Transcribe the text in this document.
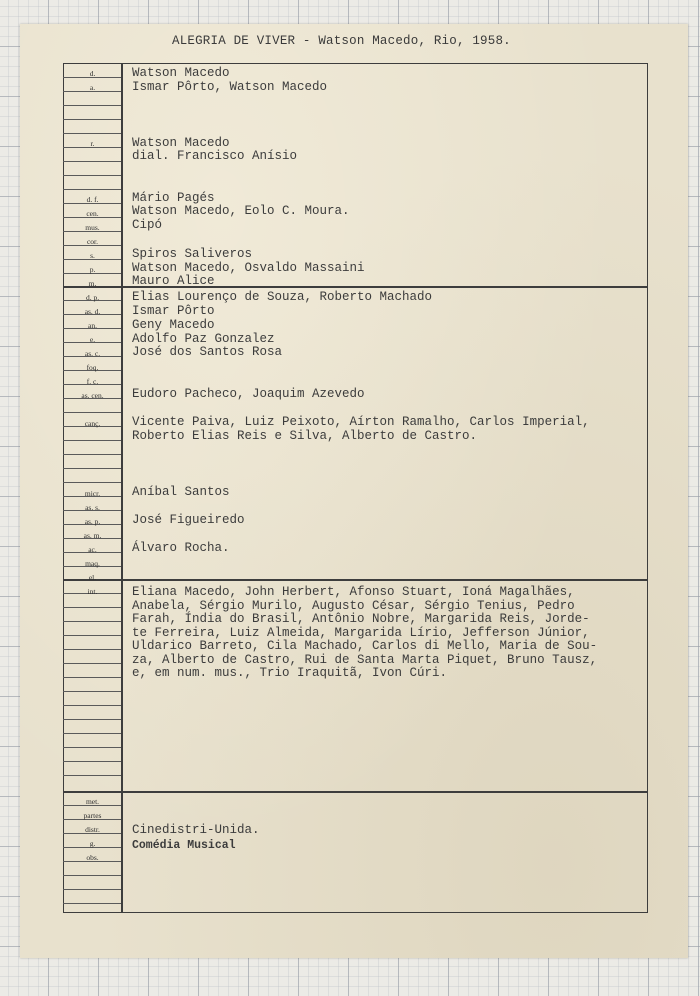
ALEGRIA DE VIVER - Watson Macedo, Rio, 1958.
d.
a.
r.
d. f.
cen.
mus.
cor.
s.
p.
m.
d. p.
as. d.
an.
e.
as. c.
foq.
f. c.
as. cen.
canç.
micr.
as. s.
as. p.
as. m.
ac.
maq.
el.
int.
met.
partes
distr.
g.
obs.
Watson Macedo
Ismar Pôrto, Watson Macedo
Watson Macedo
dial. Francisco Anísio
Mário Pagés
Watson Macedo, Eolo C. Moura.
Cipó
Spiros Saliveros
Watson Macedo, Osvaldo Massaini
Mauro Alice
Elias Lourenço de Souza, Roberto Machado
Ismar Pôrto
Geny Macedo
Adolfo Paz Gonzalez
José dos Santos Rosa
Eudoro Pacheco, Joaquim Azevedo
Vicente Paiva, Luiz Peixoto, Aírton Ramalho, Carlos Imperial,
Roberto Elias Reis e Silva, Alberto de Castro.
Aníbal Santos
José Figueiredo
Álvaro Rocha.
Eliana Macedo, John Herbert, Afonso Stuart, Ioná Magalhães,
Anabela, Sérgio Murilo, Augusto César, Sérgio Tenius, Pedro
Farah, Índia do Brasil, Antônio Nobre, Margarida Reis, Jorde-
te Ferreira, Luiz Almeida, Margarida Lírio, Jefferson Júnior,
Uldarico Barreto, Cila Machado, Carlos di Mello, Maria de Sou-
za, Alberto de Castro, Rui de Santa Marta Piquet, Bruno Tausz,
e, em num. mus., Trio Iraquitã, Ivon Cúri.
Cinedistri-Unida.
Comédia Musical
